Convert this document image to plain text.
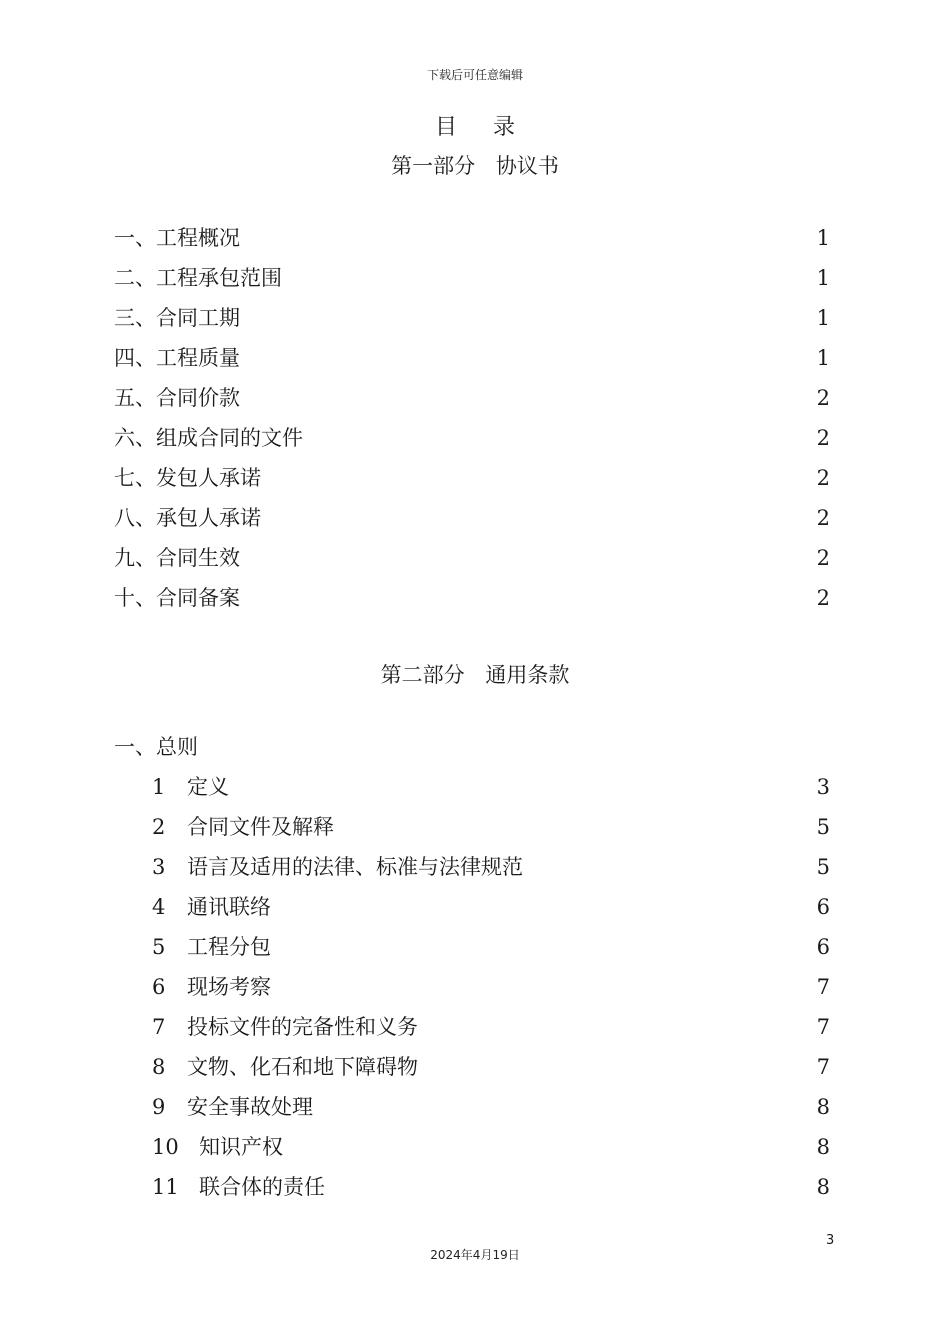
下载后可任意编辑
目录
第一部分 协议书
一、工程概况	1
二、工程承包范围	1
三、合同工期	1
四、工程质量	1
五、合同价款	2
六、组成合同的文件	2
七、发包人承诺	2
八、承包人承诺	2
九、合同生效	2
十、合同备案	2
第二部分 通用条款
一、总则
1 定义	3
2 合同文件及解释	5
3 语言及适用的法律、标准与法律规范	5
4 通讯联络	6
5 工程分包	6
6 现场考察	7
7 投标文件的完备性和义务	7
8 文物、化石和地下障碍物	7
9 安全事故处理	8
10 知识产权	8
11 联合体的责任	8
3
2024年4月19日
